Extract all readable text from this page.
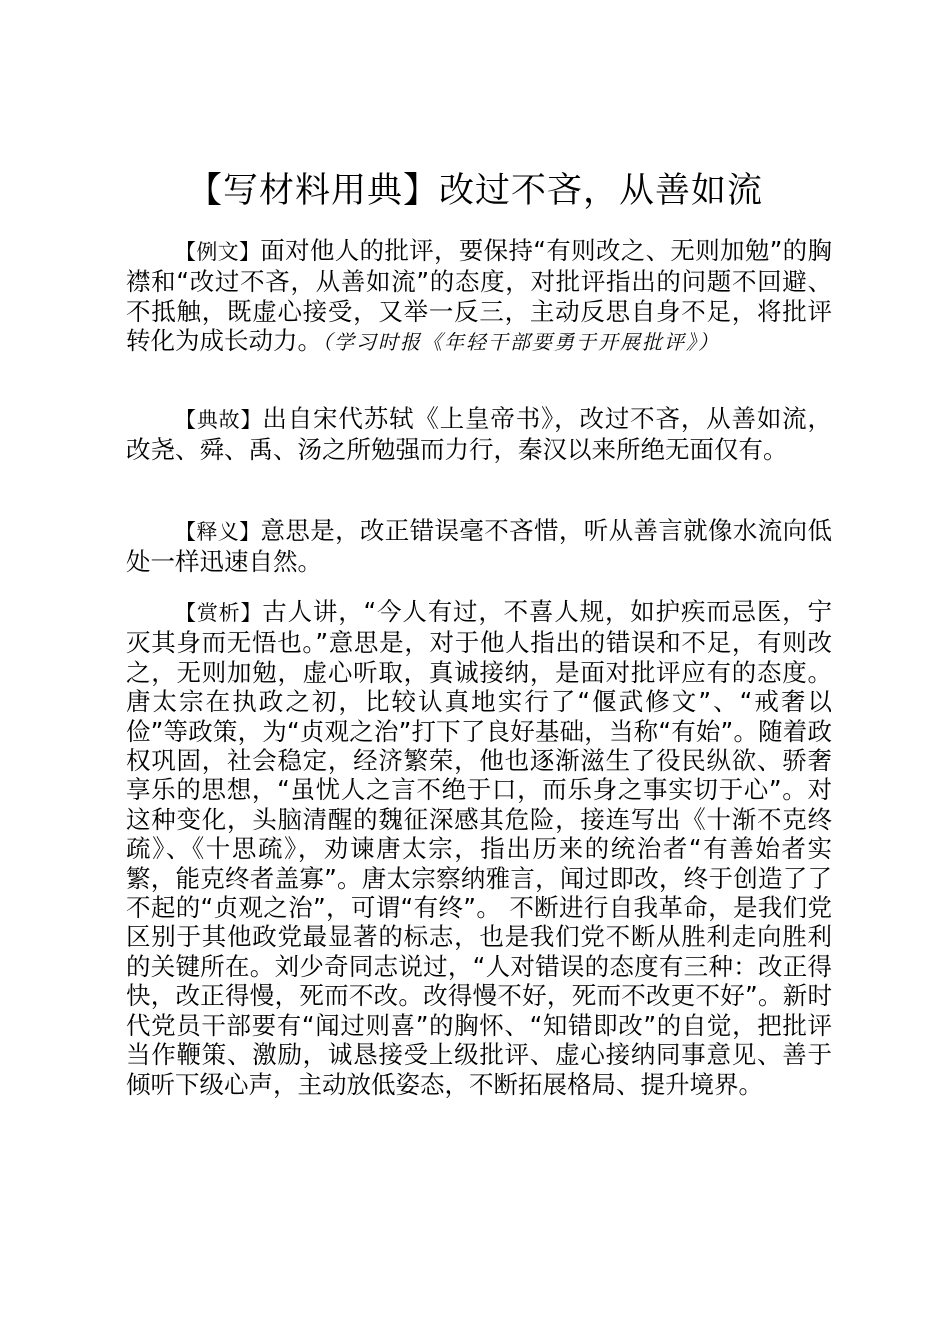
【写材料用典】改过不吝，从善如流

【例文】面对他人的批评，要保持“有则改之、无则加勉”的胸襟和“改过不吝，从善如流”的态度，对批评指出的问题不回避、不抵触，既虚心接受，又举一反三，主动反思自身不足，将批评转化为成长动力。（学习时报《年轻干部要勇于开展批评》）

【典故】出自宋代苏轼《上皇帝书》，改过不吝，从善如流，改尧、舜、禹、汤之所勉强而力行，秦汉以来所绝无面仅有。

【释义】意思是，改正错误毫不吝惜，听从善言就像水流向低处一样迅速自然。

【赏析】古人讲，“今人有过，不喜人规，如护疾而忌医，宁灭其身而无悟也。”意思是，对于他人指出的错误和不足，有则改之，无则加勉，虚心听取，真诚接纳，是面对批评应有的态度。唐太宗在执政之初，比较认真地实行了“偃武修文”、“戒奢以俭”等政策，为“贞观之治”打下了良好基础，当称“有始”。随着政权巩固，社会稳定，经济繁荣，他也逐渐滋生了役民纵欲、骄奢享乐的思想，“虽忧人之言不绝于口，而乐身之事实切于心”。对这种变化，头脑清醒的魏征深感其危险，接连写出《十渐不克终疏》、《十思疏》，劝谏唐太宗，指出历来的统治者“有善始者实繁，能克终者盖寡”。唐太宗察纳雅言，闻过即改，终于创造了了不起的“贞观之治”，可谓“有终”。 不断进行自我革命，是我们党区别于其他政党最显著的标志，也是我们党不断从胜利走向胜利的关键所在。刘少奇同志说过，“人对错误的态度有三种：改正得快，改正得慢，死而不改。改得慢不好，死而不改更不好”。新时代党员干部要有“闻过则喜”的胸怀、“知错即改”的自觉，把批评当作鞭策、激励，诚恳接受上级批评、虚心接纳同事意见、善于倾听下级心声，主动放低姿态，不断拓展格局、提升境界。
